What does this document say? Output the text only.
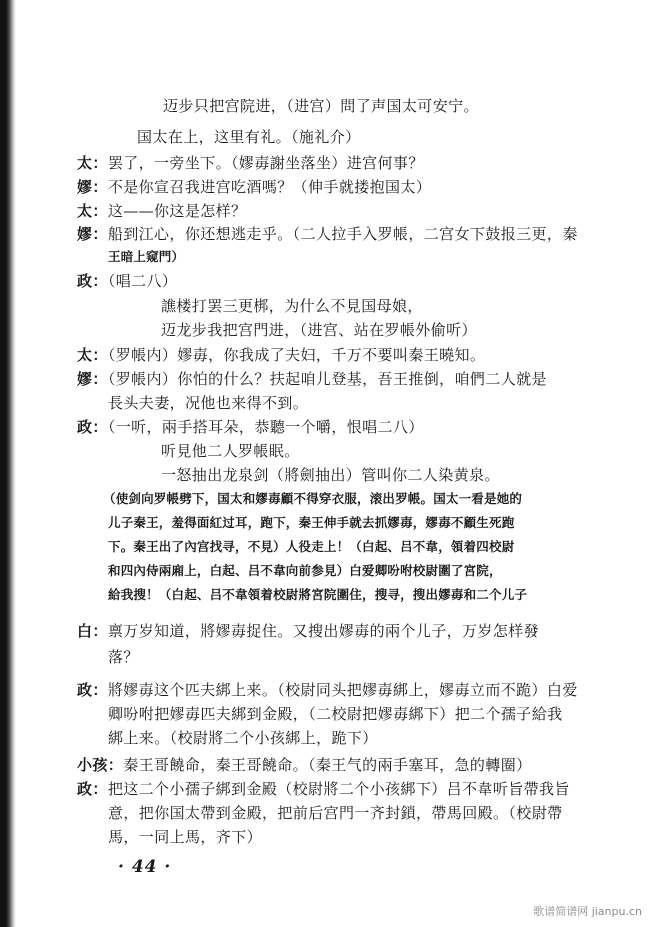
迈步只把宫院进，（进宫）問了声国太可安宁。
国太在上，这里有礼。（施礼介）
太：罢了，一旁坐下。（嫪毐謝坐落坐）进宫何事？
嫪：不是你宣召我进宫吃酒嗎？（伸手就搂抱国太）
太：这——你这是怎样？
嫪：船到江心，你还想逃走乎。（二人拉手入罗帳，二宫女下鼓报三更，秦
王暗上窥門）
政：（唱二八）
譙楼打罢三更梆，为什么不見国母娘，
迈龙步我把宫門进，（进宫、站在罗帳外偷听）
太：（罗帳内）嫪毐，你我成了夫妇，千万不要叫秦王曉知。
嫪：（罗帳内）你怕的什么？扶起咱儿登基，吾王推倒，咱們二人就是
長头夫妻，况他也来得不到。
政：（一听，兩手搭耳朵，恭聽一个嚼，恨唱二八）
听見他二人罗帳眠。
一怒抽出龙泉剑（將劍抽出）管叫你二人染黄泉。
（使剑向罗帳劈下，国太和嫪毐顧不得穿衣服，滚出罗帳。国太一看是她的
儿子秦王，羞得面紅过耳，跑下，秦王伸手就去抓嫪毐，嫪毐不顧生死跑
下。秦王出了內宫找寻，不見）人役走上！（白起、吕不韋，領着四校尉
和四內侍兩廂上，白起、吕不韋向前参見）白爱卿吩咐校尉圍了宮院，
給我搜！（白起、吕不韋領着校尉將宮院圍住，搜寻，搜出嫪毐和二个儿子
白：禀万岁知道，將嫪毐捉住。又搜出嫪毐的兩个儿子，万岁怎样發
落？
政：將嫪毐这个匹夫綁上来。（校尉同头把嫪毐綁上，嫪毐立而不跪）白爱
卿吩咐把嫪毐匹夫綁到金殿，（二校尉把嫪毐綁下）把二个孺子給我
綁上来。（校尉將二个小孩綁上，跪下）
小孩：秦王哥饒命，秦王哥饒命。（秦王气的兩手塞耳，急的轉圈）
政：把这二个小孺子綁到金殿（校尉將二个小孩綁下）吕不韋听旨帶我旨
意，把你国太帶到金殿，把前后宫門一齐封鎖，帶馬回殿。（校尉帶
馬，一同上馬，齐下）
· 44 ·
歌谱简谱网 jianpu.cn
